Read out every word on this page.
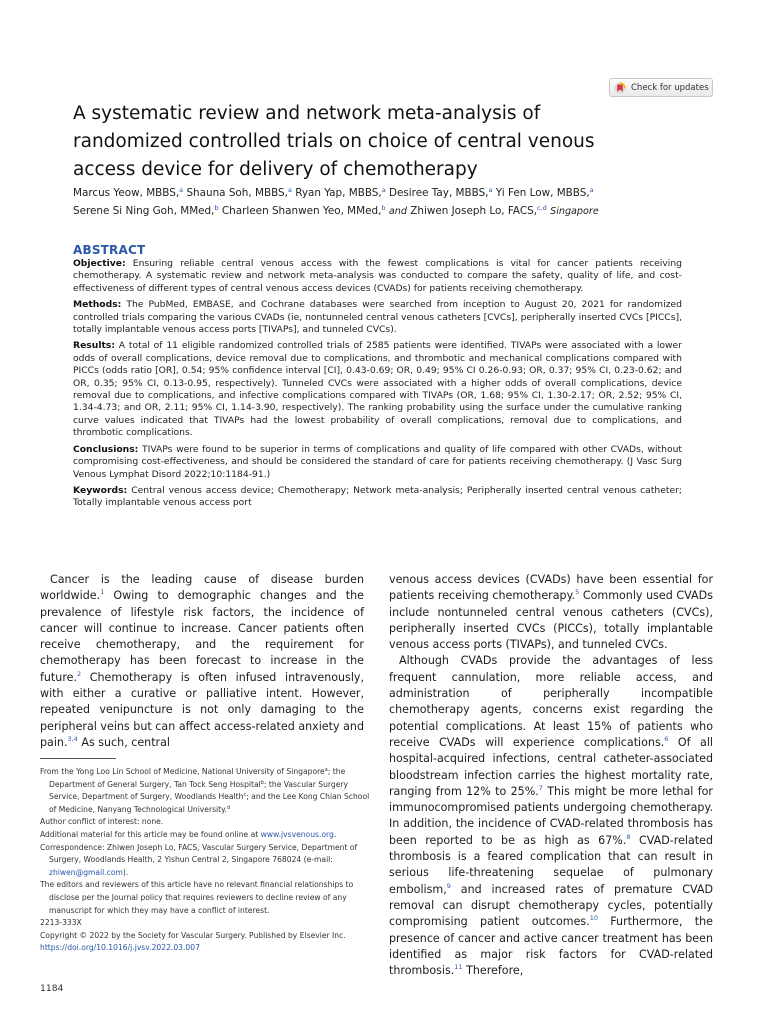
Check for updates
A systematic review and network meta-analysis of randomized controlled trials on choice of central venous access device for delivery of chemotherapy
Marcus Yeow, MBBS,$^a$ Shauna Soh, MBBS,$^a$ Ryan Yap, MBBS,$^a$ Desiree Tay, MBBS,$^a$ Yi Fen Low, MBBS,$^a$
Serene Si Ning Goh, MMed,$^b$ Charleen Shanwen Yeo, MMed,$^b$ and Zhiwen Joseph Lo, FACS,$^{c,d}$ Singapore
ABSTRACT

Objective: Ensuring reliable central venous access with the fewest complications is vital for cancer patients receiving chemotherapy. A systematic review and network meta-analysis was conducted to compare the safety, quality of life, and cost-effectiveness of different types of central venous access devices (CVADs) for patients receiving chemotherapy.

Methods: The PubMed, EMBASE, and Cochrane databases were searched from inception to August 20, 2021 for randomized controlled trials comparing the various CVADs (ie, nontunneled central venous catheters [CVCs], peripherally inserted CVCs [PICCs], totally implantable venous access ports [TIVAPs], and tunneled CVCs).

Results: A total of 11 eligible randomized controlled trials of 2585 patients were identified. TIVAPs were associated with a lower odds of overall complications, device removal due to complications, and thrombotic and mechanical complications compared with PICCs (odds ratio [OR], 0.54; 95% confidence interval [CI], 0.43-0.69; OR, 0.49; 95% CI 0.26-0.93; OR, 0.37; 95% CI, 0.23-0.62; and OR, 0.35; 95% CI, 0.13-0.95, respectively). Tunneled CVCs were associated with a higher odds of overall complications, device removal due to complications, and infective complications compared with TIVAPs (OR, 1.68; 95% CI, 1.30-2.17; OR, 2.52; 95% CI, 1.34-4.73; and OR, 2.11; 95% CI, 1.14-3.90, respectively). The ranking probability using the surface under the cumulative ranking curve values indicated that TIVAPs had the lowest probability of overall complications, removal due to complications, and thrombotic complications.

Conclusions: TIVAPs were found to be superior in terms of complications and quality of life compared with other CVADs, without compromising cost-effectiveness, and should be considered the standard of care for patients receiving chemotherapy. (J Vasc Surg Venous Lymphat Disord 2022;10:1184-91.)

Keywords: Central venous access device; Chemotherapy; Network meta-analysis; Peripherally inserted central venous catheter; Totally implantable venous access port

Cancer is the leading cause of disease burden worldwide.$^1$ Owing to demographic changes and the prevalence of lifestyle risk factors, the incidence of cancer will continue to increase. Cancer patients often receive chemotherapy, and the requirement for chemotherapy has been forecast to increase in the future.$^2$ Chemotherapy is often infused intravenously, with either a curative or palliative intent. However, repeated venipuncture is not only damaging to the peripheral veins but can affect access-related anxiety and pain.$^{3,4}$ As such, central

venous access devices (CVADs) have been essential for patients receiving chemotherapy.$^5$ Commonly used CVADs include nontunneled central venous catheters (CVCs), peripherally inserted CVCs (PICCs), totally implantable venous access ports (TIVAPs), and tunneled CVCs.

Although CVADs provide the advantages of less frequent cannulation, more reliable access, and administration of peripherally incompatible chemotherapy agents, concerns exist regarding the potential complications. At least 15% of patients who receive CVADs will experience complications.$^6$ Of all hospital-acquired infections, central catheter-associated bloodstream infection carries the highest mortality rate, ranging from 12% to 25%.$^7$ This might be more lethal for immunocompromised patients undergoing chemotherapy. In addition, the incidence of CVAD-related thrombosis has been reported to be as high as 67%.$^8$ CVAD-related thrombosis is a feared complication that can result in serious life-threatening sequelae of pulmonary embolism,$^9$ and increased rates of premature CVAD removal can disrupt chemotherapy cycles, potentially compromising patient outcomes.$^{10}$ Furthermore, the presence of cancer and active cancer treatment has been identified as major risk factors for CVAD-related thrombosis.$^{11}$ Therefore,

From the Yong Loo Lin School of Medicine, National University of Singapore$^a$; the Department of General Surgery, Tan Tock Seng Hospital$^b$; the Vascular Surgery Service, Department of Surgery, Woodlands Health$^c$; and the Lee Kong Chian School of Medicine, Nanyang Technological University.$^d$

Author conflict of interest: none.

Additional material for this article may be found online at www.jvsvenous.org.

Correspondence: Zhiwen Joseph Lo, FACS, Vascular Surgery Service, Department of Surgery, Woodlands Health, 2 Yishun Central 2, Singapore 768024 (e-mail: zhiwen@gmail.com).

The editors and reviewers of this article have no relevant financial relationships to disclose per the Journal policy that requires reviewers to decline review of any manuscript for which they may have a conflict of interest.

2213-333X

Copyright © 2022 by the Society for Vascular Surgery. Published by Elsevier Inc.

https://doi.org/10.1016/j.jvsv.2022.03.007

1184
